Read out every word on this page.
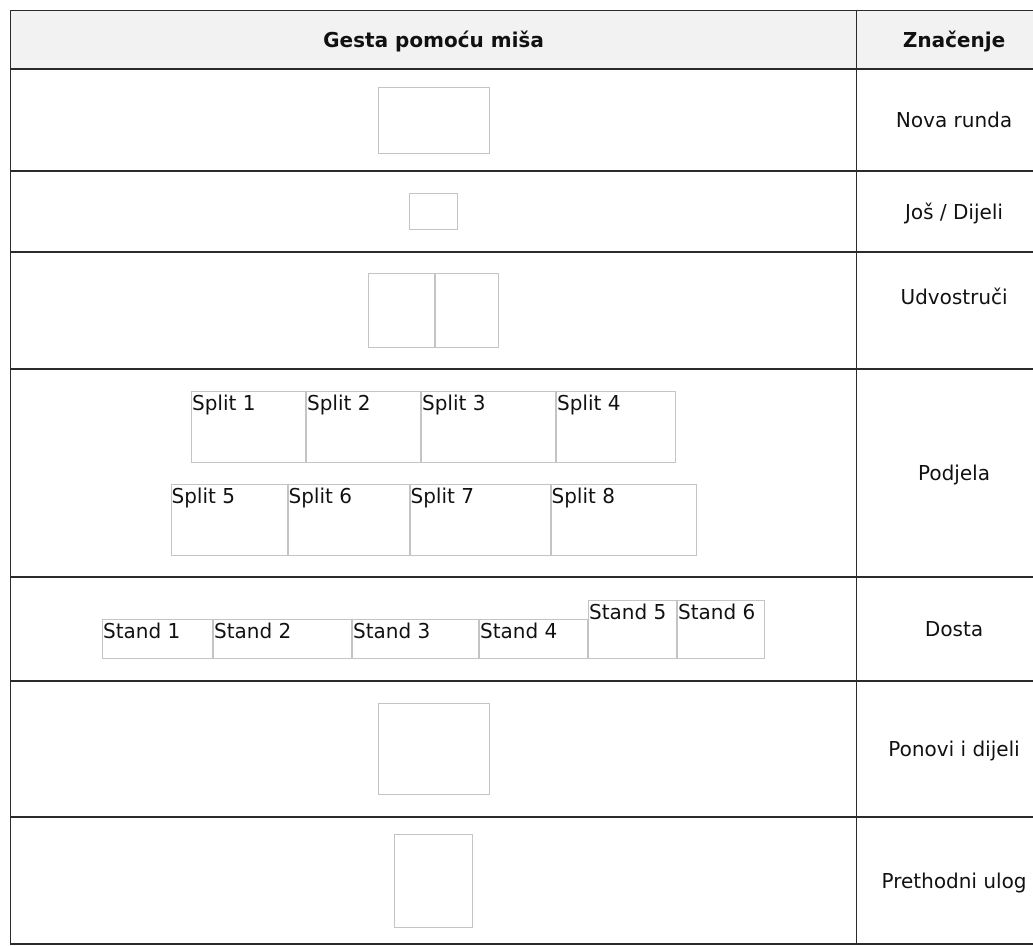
Gesta pomoću miša	Značenje
Nova runda
Još / Dijeli
Udvostruči
Split 1	Split 2	Split 3	Split 4
Split 5	Split 6	Split 7	Split 8
Podjela
Stand 1	Stand 2	Stand 3	Stand 4
Stand 5 Stand 6
Dosta
Ponovi i dijeli
Prethodni ulog
